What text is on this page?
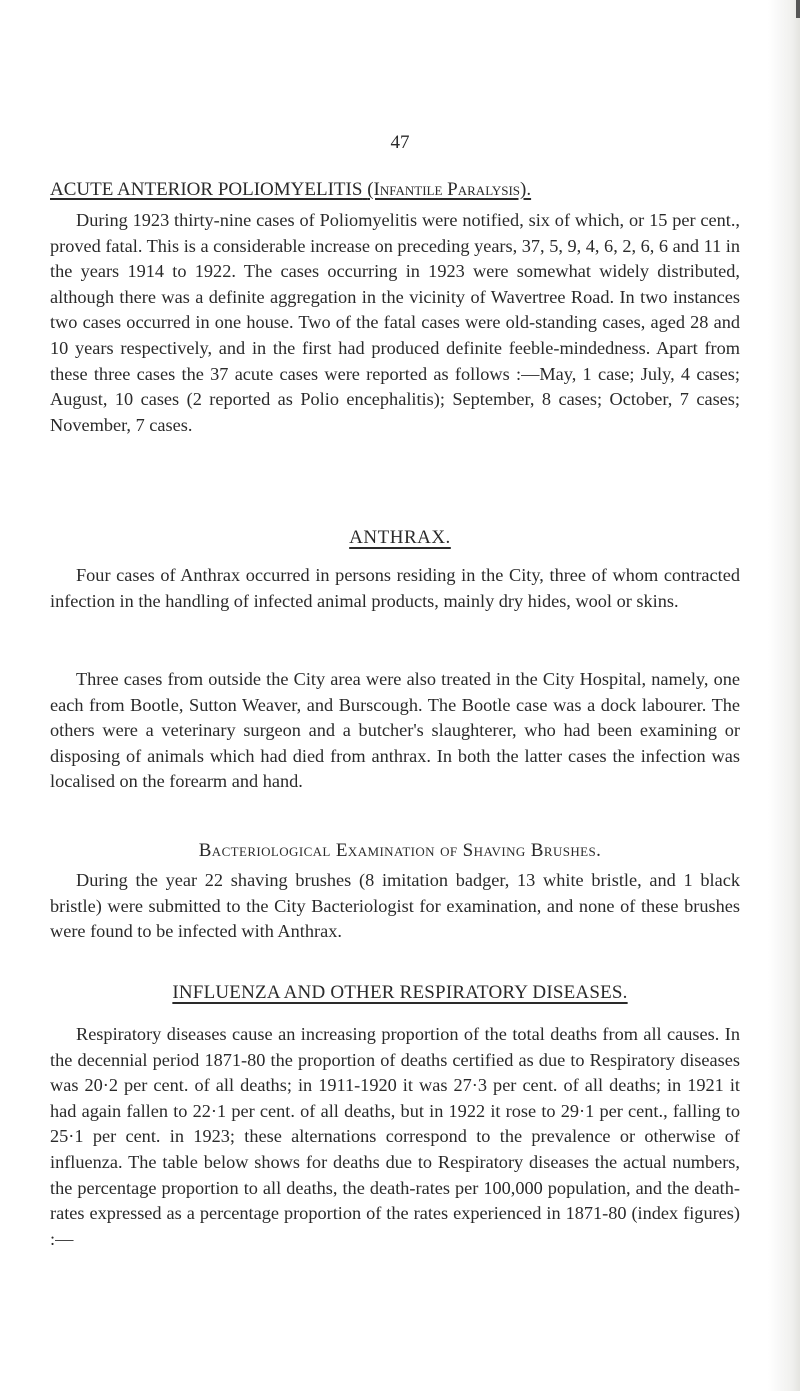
47
ACUTE ANTERIOR POLIOMYELITIS (Infantile Paralysis).

During 1923 thirty-nine cases of Poliomyelitis were notified, six of which, or 15 per cent., proved fatal. This is a considerable increase on preceding years, 37, 5, 9, 4, 6, 2, 6, 6 and 11 in the years 1914 to 1922. The cases occurring in 1923 were somewhat widely distributed, although there was a definite aggregation in the vicinity of Wavertree Road. In two instances two cases occurred in one house. Two of the fatal cases were old-standing cases, aged 28 and 10 years respectively, and in the first had produced definite feeble-mindedness. Apart from these three cases the 37 acute cases were reported as follows :—May, 1 case; July, 4 cases; August, 10 cases (2 reported as Polio encephalitis); September, 8 cases; October, 7 cases; November, 7 cases.

ANTHRAX.

Four cases of Anthrax occurred in persons residing in the City, three of whom contracted infection in the handling of infected animal products, mainly dry hides, wool or skins.

Three cases from outside the City area were also treated in the City Hospital, namely, one each from Bootle, Sutton Weaver, and Burscough. The Bootle case was a dock labourer. The others were a veterinary surgeon and a butcher's slaughterer, who had been examining or disposing of animals which had died from anthrax. In both the latter cases the infection was localised on the forearm and hand.

Bacteriological Examination of Shaving Brushes.

During the year 22 shaving brushes (8 imitation badger, 13 white bristle, and 1 black bristle) were submitted to the City Bacteriologist for examination, and none of these brushes were found to be infected with Anthrax.

INFLUENZA AND OTHER RESPIRATORY DISEASES.

Respiratory diseases cause an increasing proportion of the total deaths from all causes. In the decennial period 1871-80 the proportion of deaths certified as due to Respiratory diseases was 20·2 per cent. of all deaths; in 1911-1920 it was 27·3 per cent. of all deaths; in 1921 it had again fallen to 22·1 per cent. of all deaths, but in 1922 it rose to 29·1 per cent., falling to 25·1 per cent. in 1923; these alternations correspond to the prevalence or otherwise of influenza. The table below shows for deaths due to Respiratory diseases the actual numbers, the percentage proportion to all deaths, the death-rates per 100,000 population, and the death-rates expressed as a percentage proportion of the rates experienced in 1871-80 (index figures) :—
